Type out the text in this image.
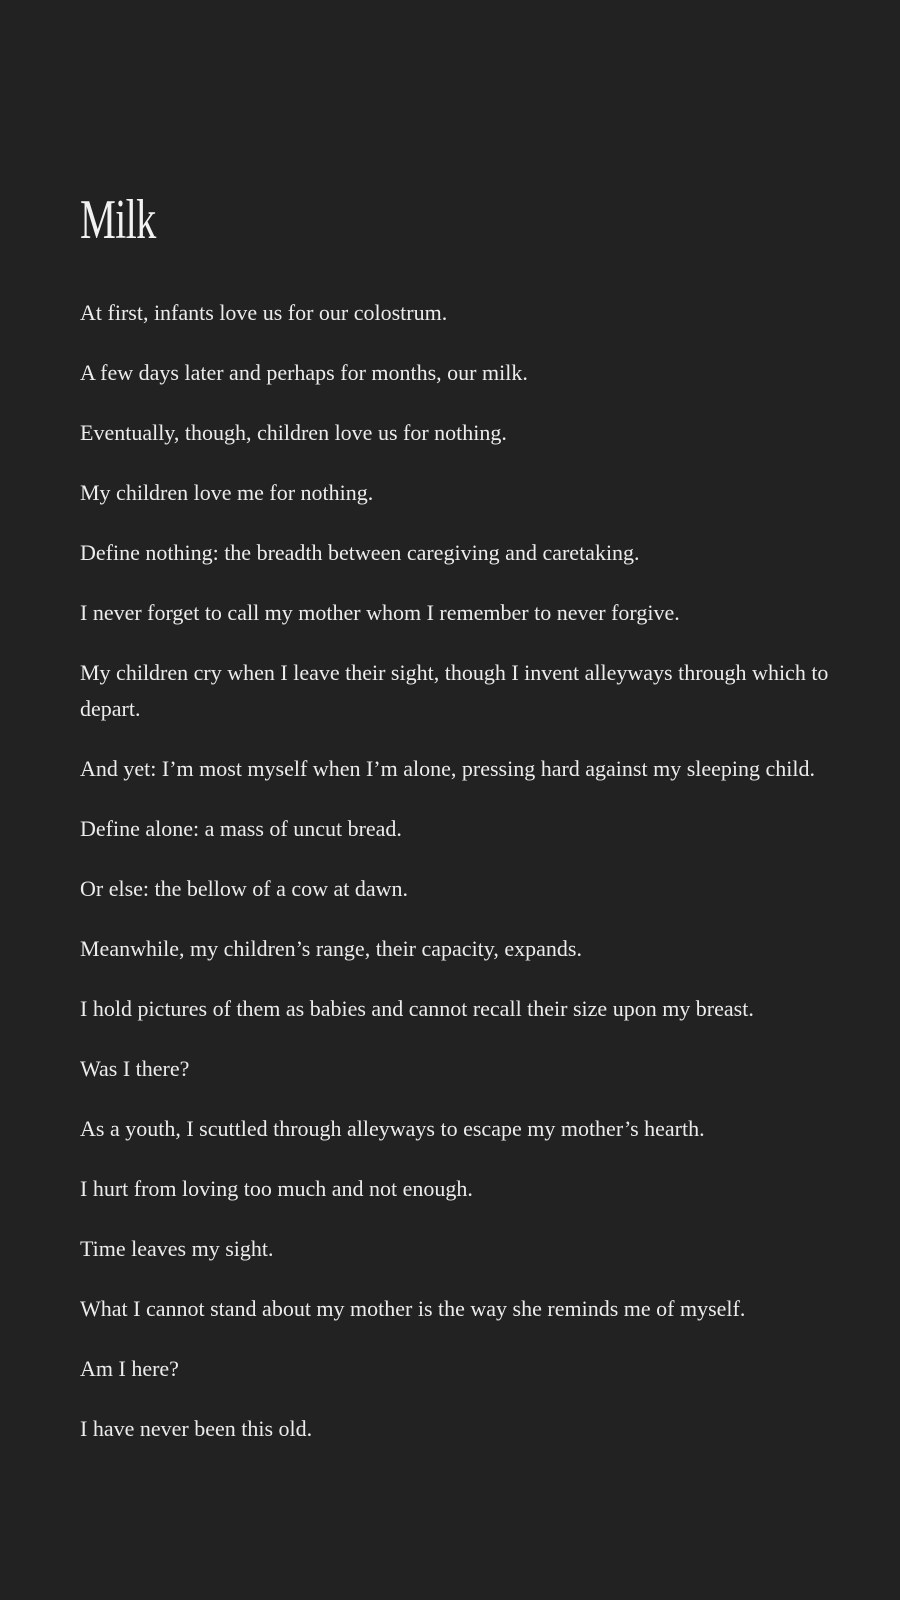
Milk

At first, infants love us for our colostrum.

A few days later and perhaps for months, our milk.

Eventually, though, children love us for nothing.

My children love me for nothing.

Define nothing: the breadth between caregiving and caretaking.

I never forget to call my mother whom I remember to never forgive.

My children cry when I leave their sight, though I invent alleyways through which to depart.

And yet: I’m most myself when I’m alone, pressing hard against my sleeping child.

Define alone: a mass of uncut bread.

Or else: the bellow of a cow at dawn.

Meanwhile, my children’s range, their capacity, expands.

I hold pictures of them as babies and cannot recall their size upon my breast.

Was I there?

As a youth, I scuttled through alleyways to escape my mother’s hearth.

I hurt from loving too much and not enough.

Time leaves my sight.

What I cannot stand about my mother is the way she reminds me of myself.

Am I here?

I have never been this old.
